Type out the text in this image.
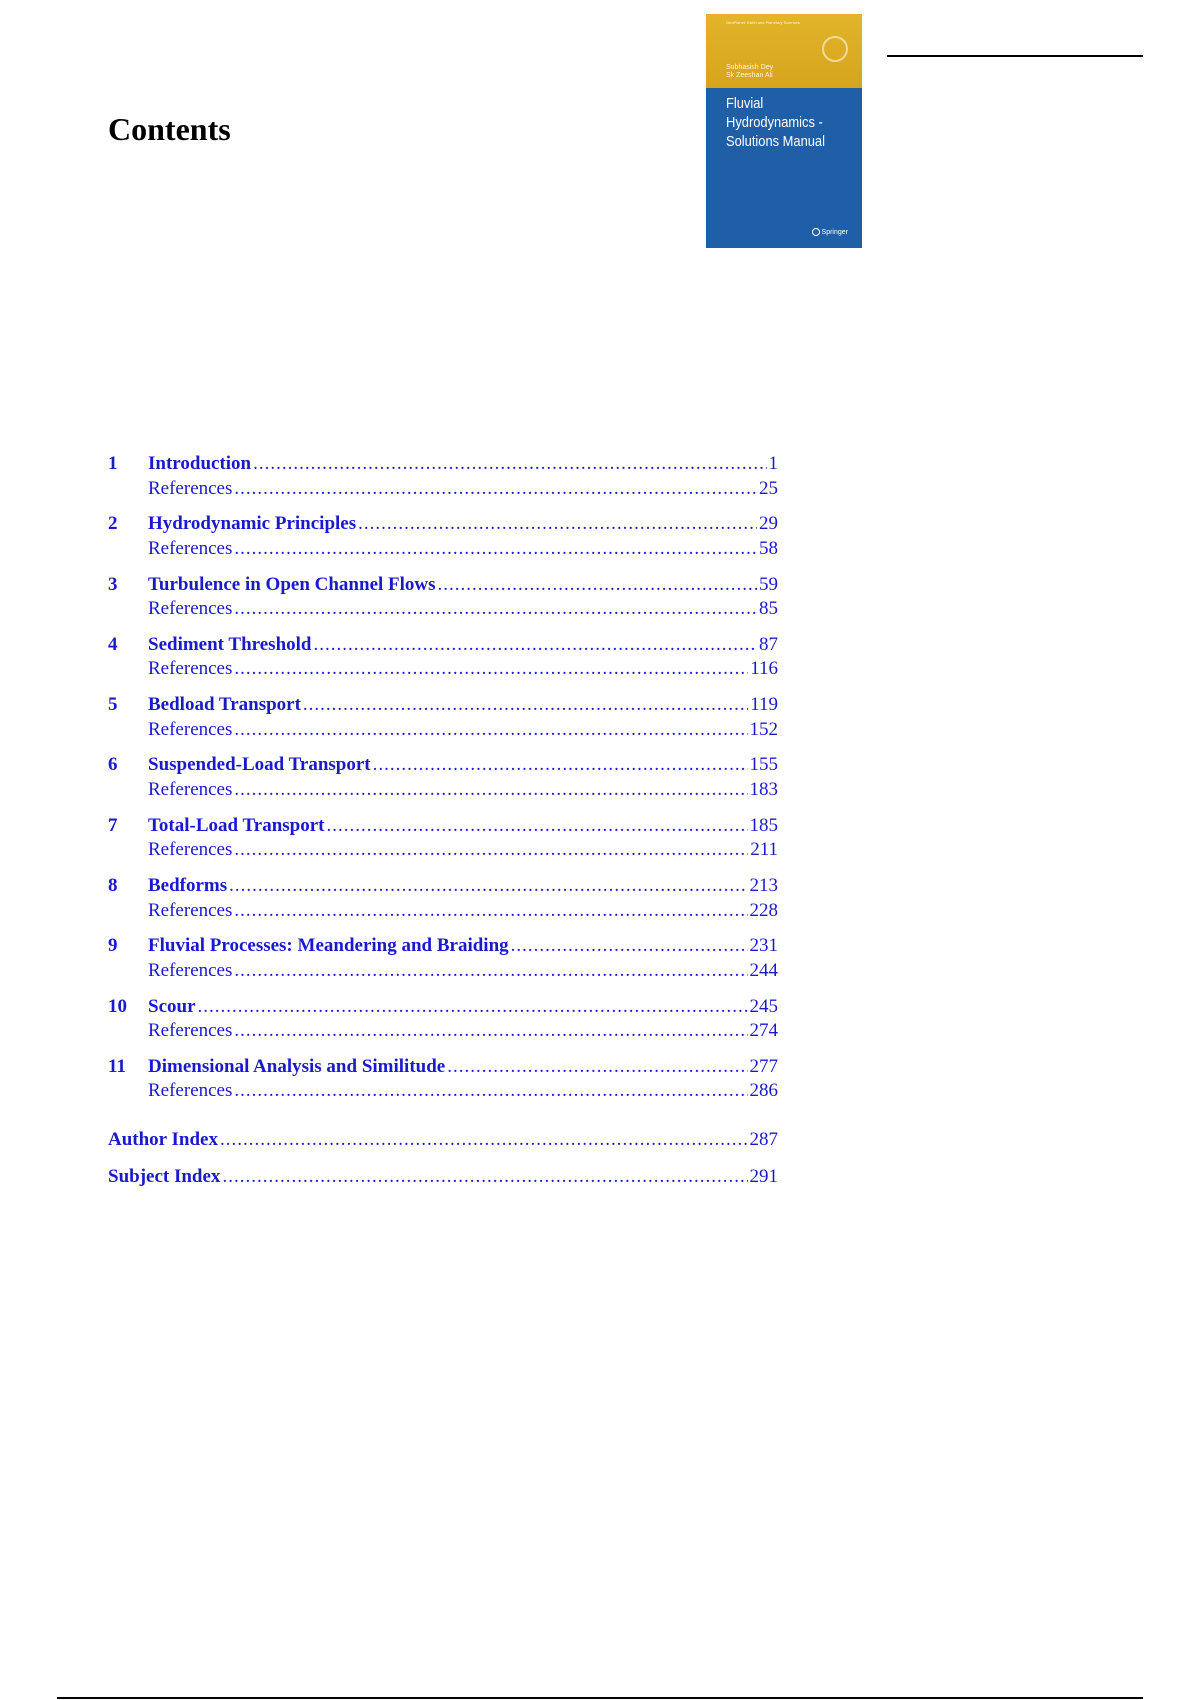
Contents
GeoPlanet: Earth and Planetary Sciences
Subhasish Dey
Sk Zeeshan Ali
Fluvial
Hydrodynamics -
Solutions Manual
Springer
1	Introduction .....	1
References .....	25
2	Hydrodynamic Principles .....	29
References .....	58
3	Turbulence in Open Channel Flows .....	59
References .....	85
4	Sediment Threshold .....	87
References .....	116
5	Bedload Transport .....	119
References .....	152
6	Suspended-Load Transport .....	155
References .....	183
7	Total-Load Transport .....	185
References .....	211
8	Bedforms .....	213
References .....	228
9	Fluvial Processes: Meandering and Braiding .....	231
References .....	244
10	Scour .....	245
References .....	274
11	Dimensional Analysis and Similitude .....	277
References .....	286
Author Index .....	287
Subject Index .....	291
